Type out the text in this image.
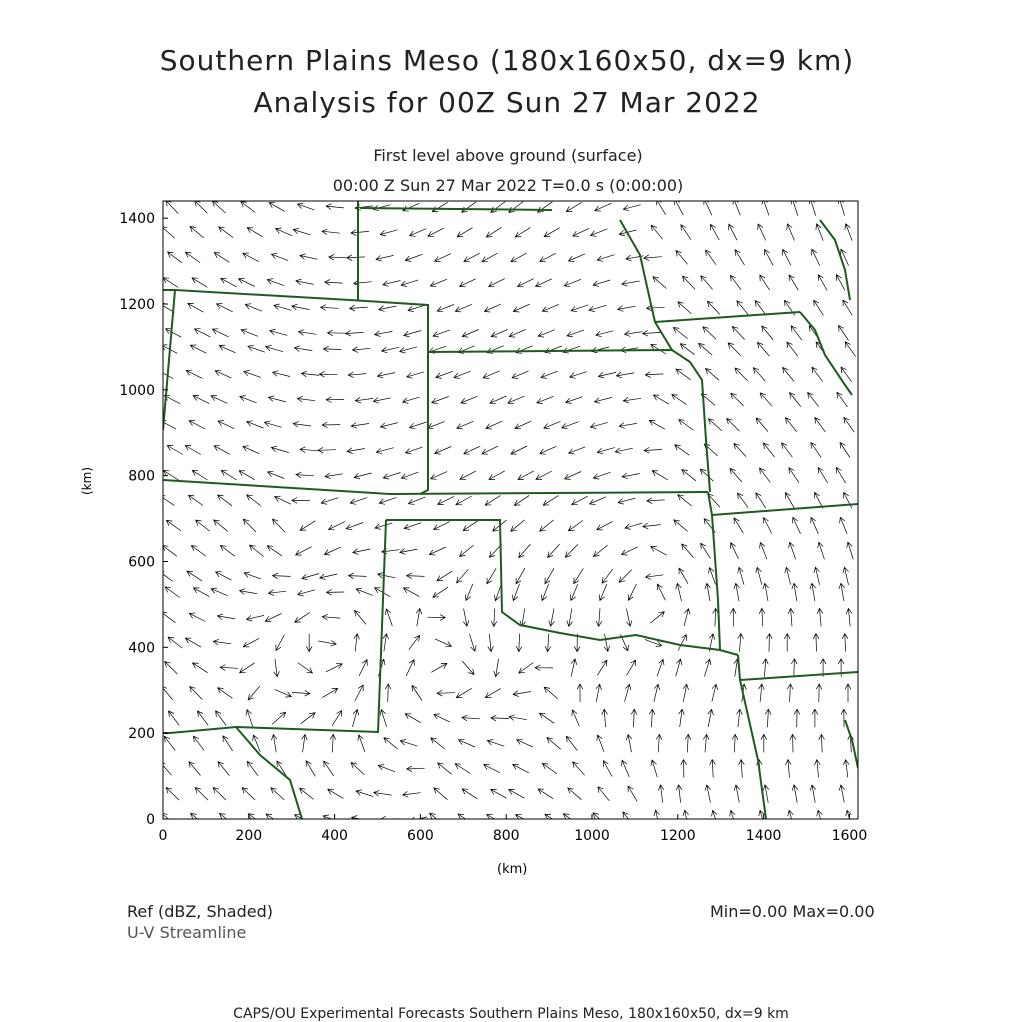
Southern Plains Meso (180x160x50, dx=9 km)
Analysis for 00Z Sun 27 Mar 2022
First level above ground (surface)
00:00 Z Sun 27 Mar 2022 T=0.0 s (0:00:00)
0	200	400	600	800	1000	1200	1400	1600
0
200
400
600
800
1000
1200
1400
(km)
(km)
Ref (dBZ, Shaded)
U-V Streamline
Min=0.00 Max=0.00
CAPS/OU Experimental Forecasts Southern Plains Meso, 180x160x50, dx=9 km
